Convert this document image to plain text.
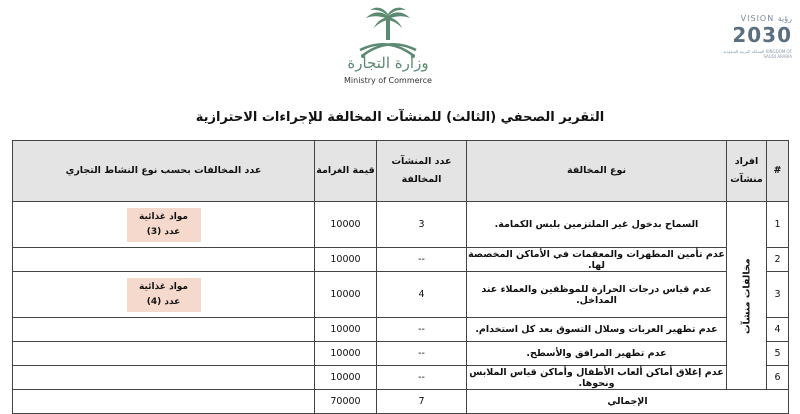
وزارة التجارة
Ministry of Commerce
VISION رؤية
2030
المملكة العربية السعودية KINGDOM OF SAUDI ARABIA
التقرير الصحفي (الثالث) للمنشآت المخالفة للإجراءات الاحترازية
#	افراد منشآت	نوع المخالفة	عدد المنشآت المخالفة	قيمة الغرامة	عدد المخالفات بحسب نوع النشاط التجاري
1	مخالفات منشآت	السماح بدخول غير الملتزمين بلبس الكمامة.	3	10000	مواد غذائية عدد (3)
2		عدم تأمين المطهرات والمعقمات في الأماكن المخصصة لها.	--	10000	
3		عدم قياس درجات الحرارة للموظفين والعملاء عند المداخل.	4	10000	مواد غذائية عدد (4)
4		عدم تطهير العربات وسلال التسوق بعد كل استخدام.	--	10000	
5		عدم تطهير المرافق والأسطح.	--	10000	
6		عدم إغلاق أماكن ألعاب الأطفال وأماكن قياس الملابس ونحوها.	--	10000	
الإجمالي			7	70000	
